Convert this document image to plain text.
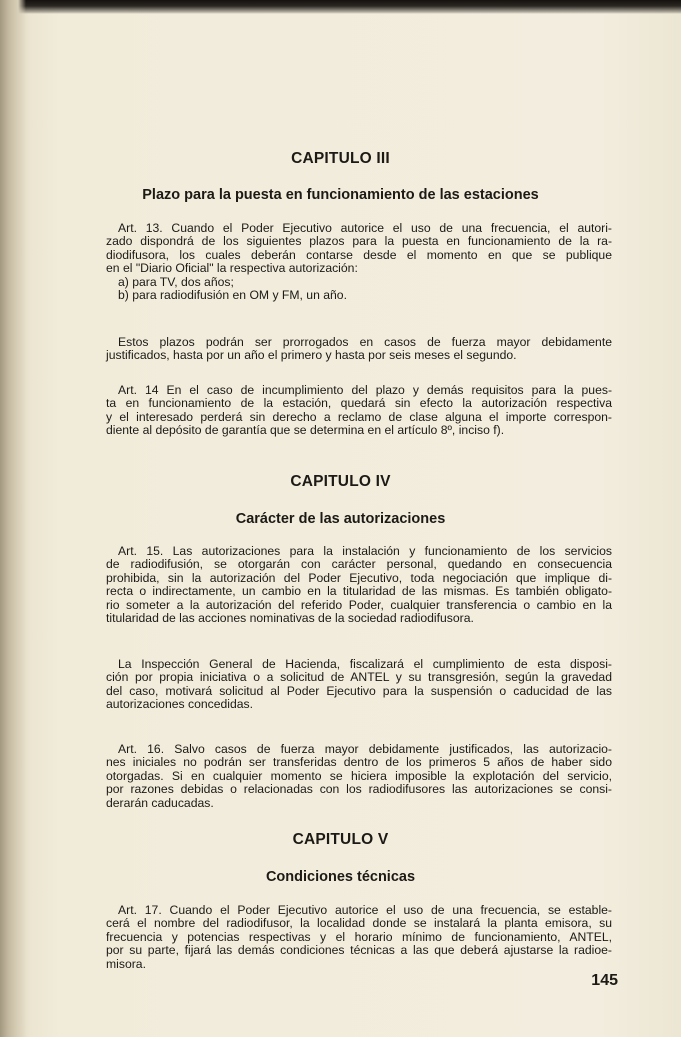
CAPITULO III
Plazo para la puesta en funcionamiento de las estaciones
Art. 13. Cuando el Poder Ejecutivo autorice el uso de una frecuencia, el autori-
zado dispondrá de los siguientes plazos para la puesta en funcionamiento de la ra-
diodifusora, los cuales deberán contarse desde el momento en que se publique
en el "Diario Oficial" la respectiva autorización:
a) para TV, dos años;
b) para radiodifusión en OM y FM, un año.
Estos plazos podrán ser prorrogados en casos de fuerza mayor debidamente
justificados, hasta por un año el primero y hasta por seis meses el segundo.
Art. 14 En el caso de incumplimiento del plazo y demás requisitos para la pues-
ta en funcionamiento de la estación, quedará sin efecto la autorización respectiva
y el interesado perderá sin derecho a reclamo de clase alguna el importe correspon-
diente al depósito de garantía que se determina en el artículo 8º, inciso f).
CAPITULO IV
Carácter de las autorizaciones
Art. 15. Las autorizaciones para la instalación y funcionamiento de los servicios
de radiodifusión, se otorgarán con carácter personal, quedando en consecuencia
prohibida, sin la autorización del Poder Ejecutivo, toda negociación que implique di-
recta o indirectamente, un cambio en la titularidad de las mismas. Es también obligato-
rio someter a la autorización del referido Poder, cualquier transferencia o cambio en la
titularidad de las acciones nominativas de la sociedad radiodifusora.
La Inspección General de Hacienda, fiscalizará el cumplimiento de esta disposi-
ción por propia iniciativa o a solicitud de ANTEL y su transgresión, según la gravedad
del caso, motivará solicitud al Poder Ejecutivo para la suspensión o caducidad de las
autorizaciones concedidas.
Art. 16. Salvo casos de fuerza mayor debidamente justificados, las autorizacio-
nes iniciales no podrán ser transferidas dentro de los primeros 5 años de haber sido
otorgadas. Si en cualquier momento se hiciera imposible la explotación del servicio,
por razones debidas o relacionadas con los radiodifusores las autorizaciones se consi-
derarán caducadas.
CAPITULO V
Condiciones técnicas
Art. 17. Cuando el Poder Ejecutivo autorice el uso de una frecuencia, se estable-
cerá el nombre del radiodifusor, la localidad donde se instalará la planta emisora, su
frecuencia y potencias respectivas y el horario mínimo de funcionamiento, ANTEL,
por su parte, fijará las demás condiciones técnicas a las que deberá ajustarse la radioe-
misora.

145
